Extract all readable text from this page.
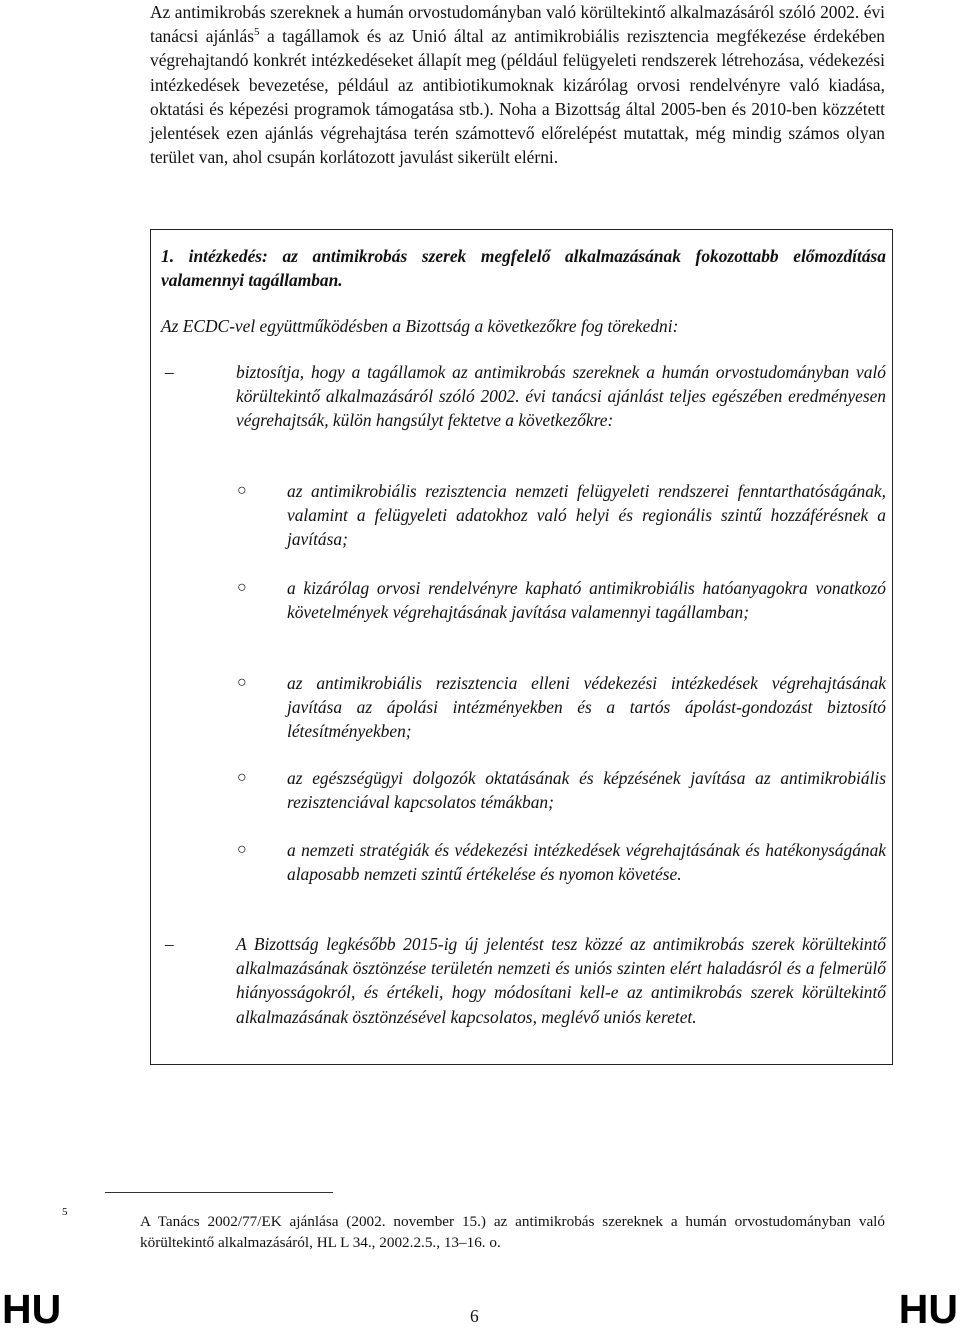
Az antimikrobás szereknek a humán orvostudományban való körültekintő alkalmazásáról szóló 2002. évi tanácsi ajánlás$^5$ a tagállamok és az Unió által az antimikrobiális rezisztencia megfékezése érdekében végrehajtandó konkrét intézkedéseket állapít meg (például felügyeleti rendszerek létrehozása, védekezési intézkedések bevezetése, például az antibiotikumoknak kizárólag orvosi rendelvényre való kiadása, oktatási és képezési programok támogatása stb.). Noha a Bizottság által 2005-ben és 2010-ben közzétett jelentések ezen ajánlás végrehajtása terén számottevő előrelépést mutattak, még mindig számos olyan terület van, ahol csupán korlátozott javulást sikerült elérni.

1. intézkedés: az antimikrobás szerek megfelelő alkalmazásának fokozottabb előmozdítása valamennyi tagállamban.

Az ECDC-vel együttműködésben a Bizottság a következőkre fog törekedni:

–	biztosítja, hogy a tagállamok az antimikrobás szereknek a humán orvostudományban való körültekintő alkalmazásáról szóló 2002. évi tanácsi ajánlást teljes egészében eredményesen végrehajtsák, külön hangsúlyt fektetve a következőkre:

○ az antimikrobiális rezisztencia nemzeti felügyeleti rendszerei fenntarthatóságának, valamint a felügyeleti adatokhoz való helyi és regionális szintű hozzáférésnek a javítása;

○ a kizárólag orvosi rendelvényre kapható antimikrobiális hatóanyagokra vonatkozó követelmények végrehajtásának javítása valamennyi tagállamban;

○ az antimikrobiális rezisztencia elleni védekezési intézkedések végrehajtásának javítása az ápolási intézményekben és a tartós ápolást-gondozást biztosító létesítményekben;

○ az egészségügyi dolgozók oktatásának és képzésének javítása az antimikrobiális rezisztenciával kapcsolatos témákban;

○ a nemzeti stratégiák és védekezési intézkedések végrehajtásának és hatékonyságának alaposabb nemzeti szintű értékelése és nyomon követése.

–	A Bizottság legkésőbb 2015-ig új jelentést tesz közzé az antimikrobás szerek körültekintő alkalmazásának ösztönzése területén nemzeti és uniós szinten elért haladásról és a felmerülő hiányosságokról, és értékeli, hogy módosítani kell-e az antimikrobás szerek körültekintő alkalmazásának ösztönzésével kapcsolatos, meglévő uniós keretet.

5

A Tanács 2002/77/EK ajánlása (2002. november 15.) az antimikrobás szereknek a humán orvostudományban való körültekintő alkalmazásáról, HL L 34., 2002.2.5., 13–16. o.

HU	6	HU
